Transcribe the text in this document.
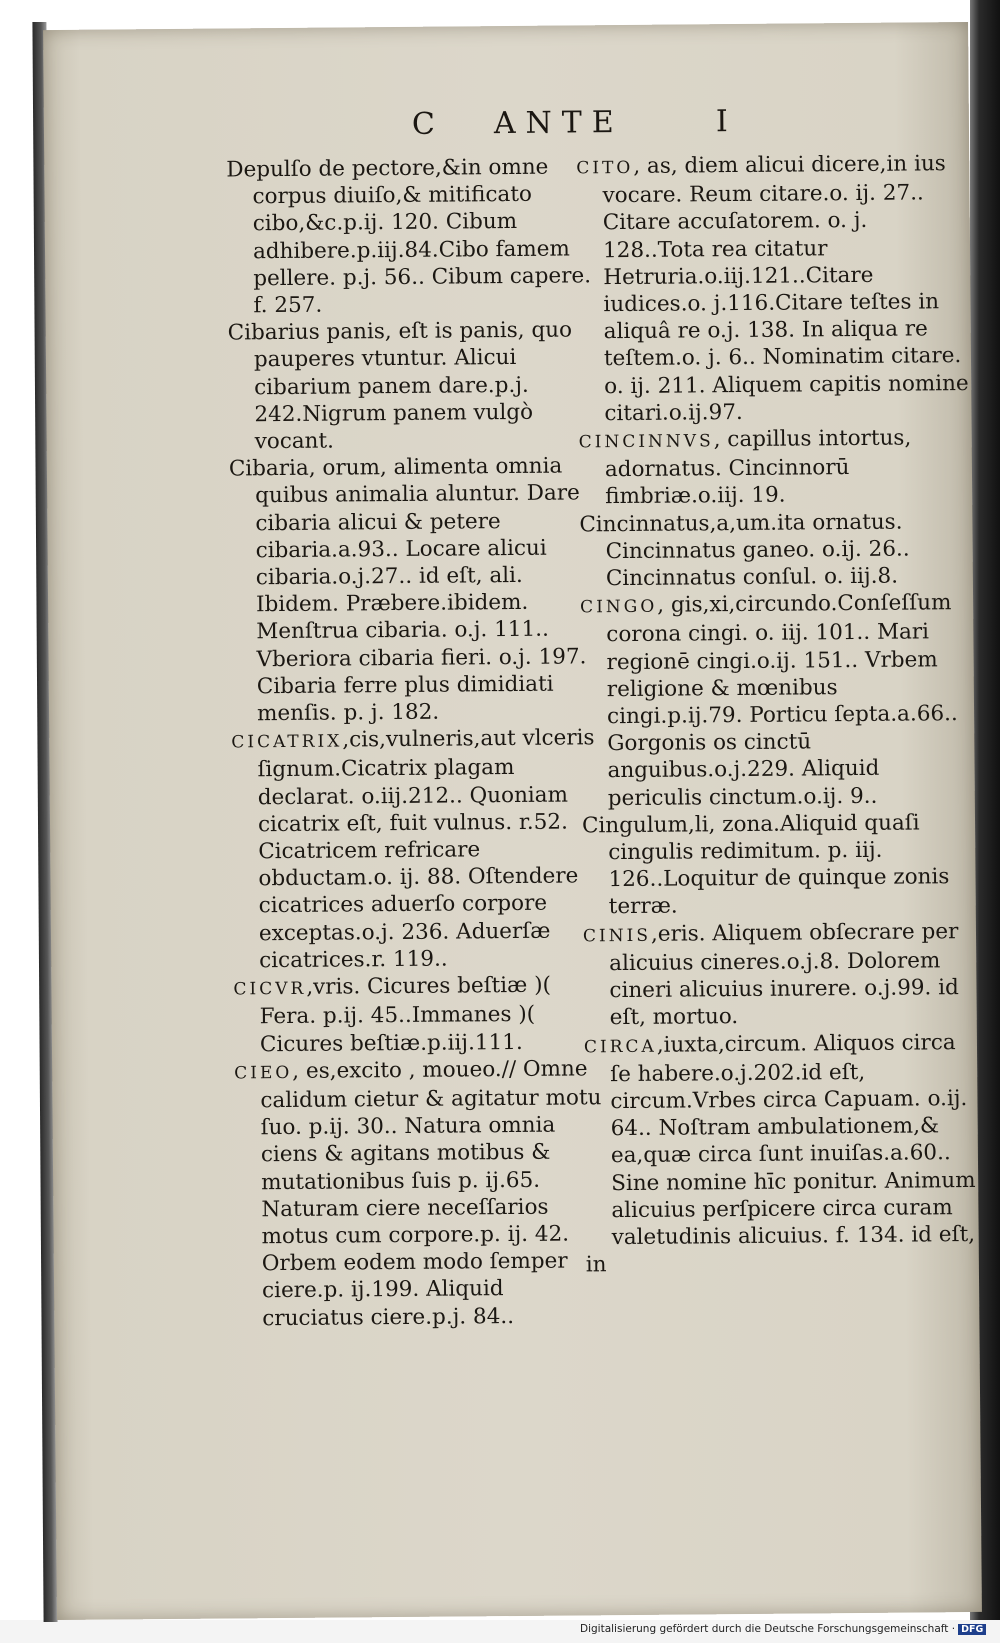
C ANTE	I

Depulſo de pectore,&in omne corpus diuiſo,& mitificato cibo,&c.p.ij. 120. Cibum adhibere.p.iij.84.Cibo famem pellere. p.j. 56.. Cibum capere. f. 257.

Cibarius panis, eſt is panis, quo pauperes vtuntur. Alicui cibarium panem dare.p.j. 242.Nigrum panem vulgò vocant.

Cibaria, orum, alimenta omnia quibus animalia aluntur. Dare cibaria alicui & petere cibaria.a.93.. Locare alicui cibaria.o.j.27.. id eſt, ali. Ibidem. Præbere.ibidem. Menſtrua cibaria. o.j. 111.. Vberiora cibaria fieri. o.j. 197. Cibaria ferre plus dimidiati menſis. p. j. 182.

CICATRIX,cis,vulneris,aut vlceris ſignum.Cicatrix plagam declarat. o.iij.212.. Quoniam cicatrix eſt, fuit vulnus. r.52. Cicatricem refricare obductam.o. ij. 88. Oſtendere cicatrices aduerſo corpore exceptas.o.j. 236. Aduerſæ cicatrices.r. 119..

CICVR,vris. Cicures beſtiæ )( Fera. p.ij. 45..Immanes )( Cicures beſtiæ.p.iij.111.

CIEO, es,excito , moueo.// Omne calidum cietur & agitatur motu ſuo. p.ij. 30.. Natura omnia ciens & agitans motibus & mutationibus ſuis p. ij.65. Naturam ciere neceſſarios motus cum corpore.p. ij. 42. Orbem eodem modo ſemper ciere.p. ij.199. Aliquid cruciatus ciere.p.j. 84..

CITO, as, diem alicui dicere,in ius vocare. Reum citare.o. ij. 27.. Citare accuſatorem. o. j. 128..Tota rea citatur Hetruria.o.iij.121..Citare iudices.o. j.116.Citare teſtes in aliquâ re o.j. 138. In aliqua re teſtem.o. j. 6.. Nominatim citare. o. ij. 211. Aliquem capitis nomine citari.o.ij.97.

CINCINNVS, capillus intortus, adornatus. Cincinnorū fimbriæ.o.iij. 19.

Cincinnatus,a,um.ita ornatus. Cincinnatus ganeo. o.ij. 26.. Cincinnatus conſul. o. iij.8.

CINGO, gis,xi,circundo.Conſeſſum corona cingi. o. iij. 101.. Mari regionē cingi.o.ij. 151.. Vrbem religione & mœnibus cingi.p.ij.79. Porticu ſepta.a.66.. Gorgonis os cinctū anguibus.o.j.229. Aliquid periculis cinctum.o.ij. 9..

Cingulum,li, zona.Aliquid quaſi cingulis redimitum. p. iij. 126..Loquitur de quinque zonis terræ.

CINIS,eris. Aliquem obſecrare per alicuius cineres.o.j.8. Dolorem cineri alicuius inurere. o.j.99. id eſt, mortuo.

CIRCA,iuxta,circum. Aliquos circa ſe habere.o.j.202.id eſt, circum.Vrbes circa Capuam. o.ij. 64.. Noſtram ambulationem,& ea,quæ circa ſunt inuiſas.a.60.. Sine nomine hīc ponitur. Animum alicuius perſpicere circa curam valetudinis alicuius. f. 134. id eſt,

in

Digitalisierung gefördert durch die Deutsche Forschungsgemeinschaft · DFG
